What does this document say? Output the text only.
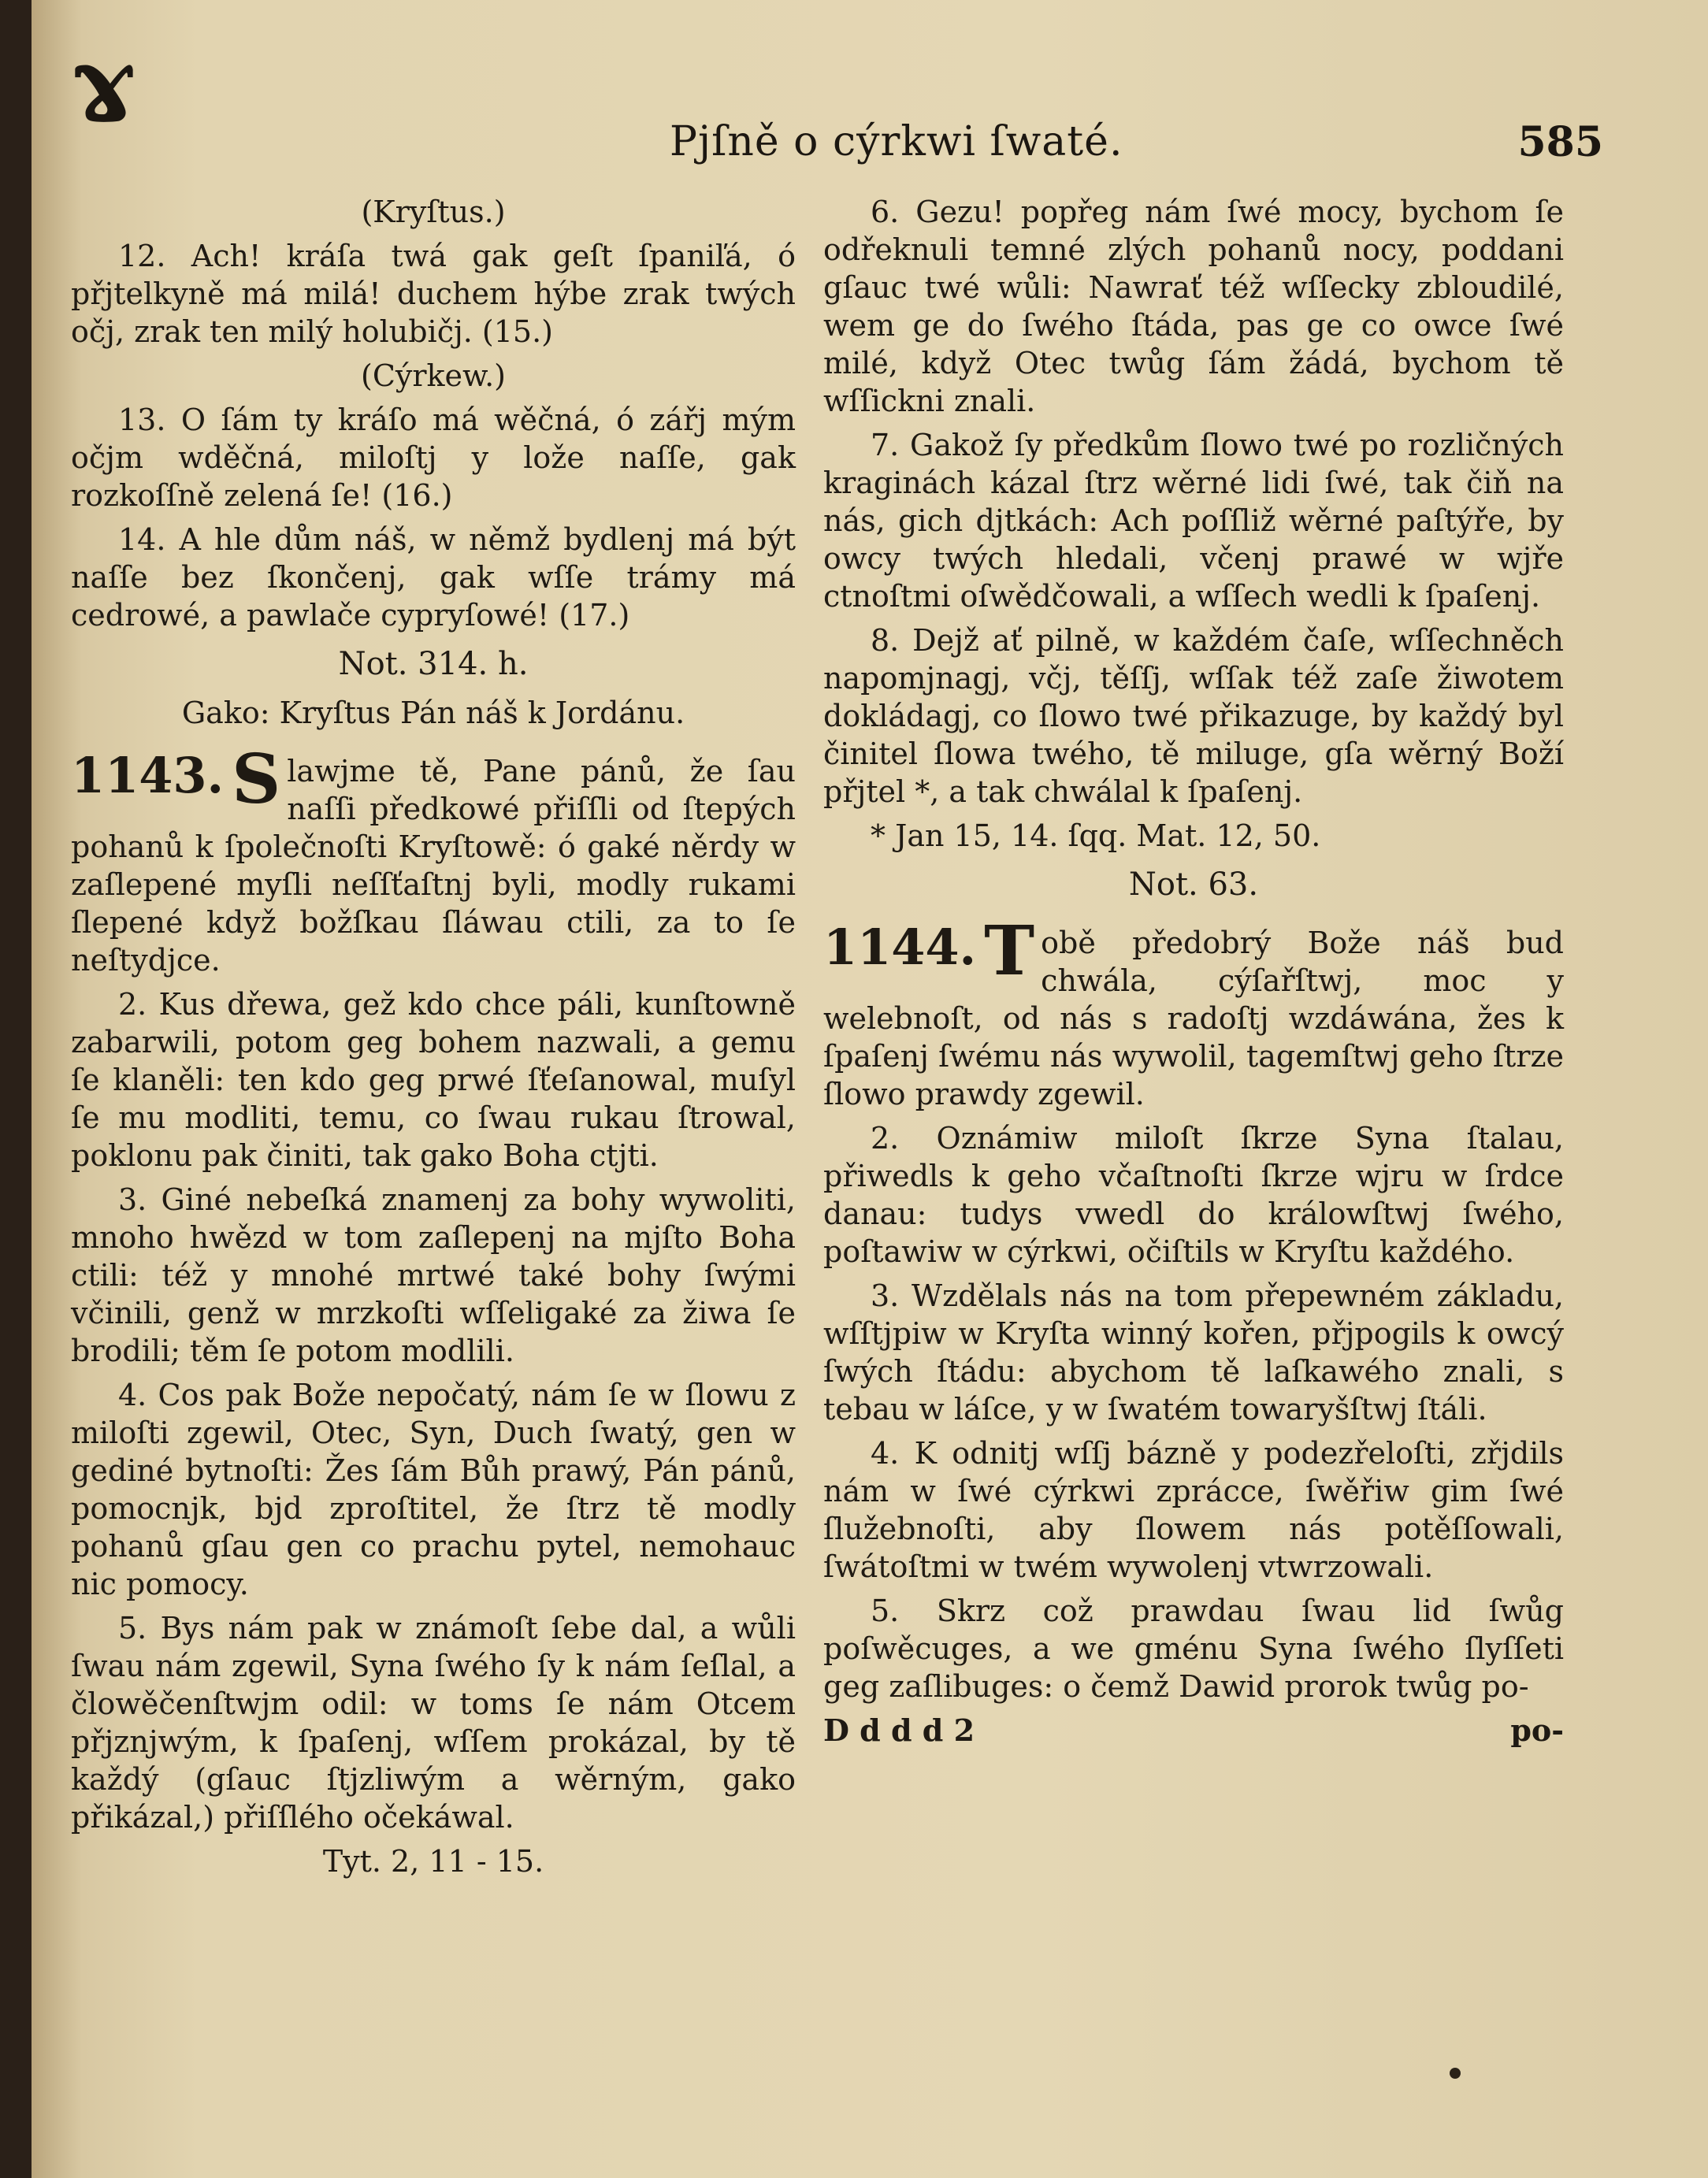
ɤ	Pjſně o cýrkwi ſwaté.	585

(Kryſtus.)

12. Ach! kráſa twá gak geſt ſpaniľá, ó přjtelkyně má milá! duchem hýbe zrak twých očj, zrak ten milý holubičj. (15.)

(Cýrkew.)

13. O ſám ty kráſo má wěčná, ó zářj mým očjm wděčná, miloſtj y lože naſſe, gak rozkoſſně zelená ſe! (16.)

14. A hle dům náš, w němž bydlenj má být naſſe bez ſkončenj, gak wſſe trámy má cedrowé, a pawlače cypryſowé! (17.)

Not. 314. h.

Gako: Kryſtus Pán náš k Jordánu.

1143. S lawjme tě, Pane pánů, že ſau naſſi předkowé přiſſli od ſtepých pohanů k ſpolečnoſti Kryſtowě: ó gaké něrdy w zaſlepené myſli neſſťaſtnj byli, modly rukami ſlepené když božſkau ſláwau ctili, za to ſe neſtydjce.

2. Kus dřewa, gež kdo chce páli, kunſtowně zabarwili, potom geg bohem nazwali, a gemu ſe klaněli: ten kdo geg prwé ſťeſanowal, muſyl ſe mu modliti, temu, co ſwau rukau ſtrowal, poklonu pak činiti, tak gako Boha ctjti.

3. Giné nebeſká znamenj za bohy wywoliti, mnoho hwězd w tom zaſlepenj na mjſto Boha ctili: též y mnohé mrtwé také bohy ſwými včinili, genž w mrzkoſti wſſeligaké za žiwa ſe brodili; těm ſe potom modlili.

4. Cos pak Bože nepočatý, nám ſe w ſlowu z miloſti zgewil, Otec, Syn, Duch ſwatý, gen w gediné bytnoſti: Žes ſám Bůh prawý, Pán pánů, pomocnjk, bjd zproſtitel, že ſtrz tě modly pohanů gſau gen co prachu pytel, nemohauc nic pomocy.

5. Bys nám pak w známoſt ſebe dal, a wůli ſwau nám zgewil, Syna ſwého ſy k nám ſeſlal, a člowěčenſtwjm odil: w toms ſe nám Otcem přjznjwým, k ſpaſenj, wſſem prokázal, by tě každý (gſauc ſtjzliwým a wěrným, gako přikázal,) přiſſlého očekáwal.

Tyt. 2, 11 - 15.

6. Gezu! popřeg nám ſwé mocy, bychom ſe odřeknuli temné zlých pohanů nocy, poddani gſauc twé wůli: Nawrať též wſſecky zbloudilé, wem ge do ſwého ſtáda, pas ge co owce ſwé milé, když Otec twůg ſám žádá, bychom tě wſſickni znali.

7. Gakož ſy předkům ſlowo twé po rozličných kraginách kázal ſtrz wěrné lidi ſwé, tak čiň na nás, gich djtkách: Ach poſſliž wěrné paſtýře, by owcy twých hledali, včenj prawé w wjře ctnoſtmi oſwědčowali, a wſſech wedli k ſpaſenj.

8. Dejž ať pilně, w každém čaſe, wſſechněch napomjnagj, včj, těſſj, wſſak též zaſe žiwotem dokládagj, co ſlowo twé přikazuge, by každý byl činitel ſlowa twého, tě miluge, gſa wěrný Boží přjtel *, a tak chwálal k ſpaſenj.

* Jan 15, 14. ſqq. Mat. 12, 50.

Not. 63.

1144. T obě předobrý Bože náš bud chwála, cýſařſtwj, moc y welebnoſt, od nás s radoſtj wzdáwána, žes k ſpaſenj ſwému nás wywolil, tagemſtwj geho ſtrze ſlowo prawdy zgewil.

2. Oznámiw miloſt ſkrze Syna ſtalau, přiwedls k geho včaſtnoſti ſkrze wjru w ſrdce danau: tudys vwedl do králowſtwj ſwého, poſtawiw w cýrkwi, očiſtils w Kryſtu každého.

3. Wzdělals nás na tom přepewném základu, wſſtjpiw w Kryſta winný kořen, přjpogils k owcý ſwých ſtádu: abychom tě laſkawého znali, s tebau w láſce, y w ſwatém towaryšſtwj ſtáli.

4. K odnitj wſſj bázně y podezřeloſti, zřjdils nám w ſwé cýrkwi zprácce, ſwěřiw gim ſwé ſlužebnoſti, aby ſlowem nás potěſſowali, ſwátoſtmi w twém wywolenj vtwrzowali.

5. Skrz což prawdau ſwau lid ſwůg poſwěcuges, a we gménu Syna ſwého ſlyſſeti geg zaſlibuges: o čemž Dawid prorok twůg po-

D d d d 2	po-
